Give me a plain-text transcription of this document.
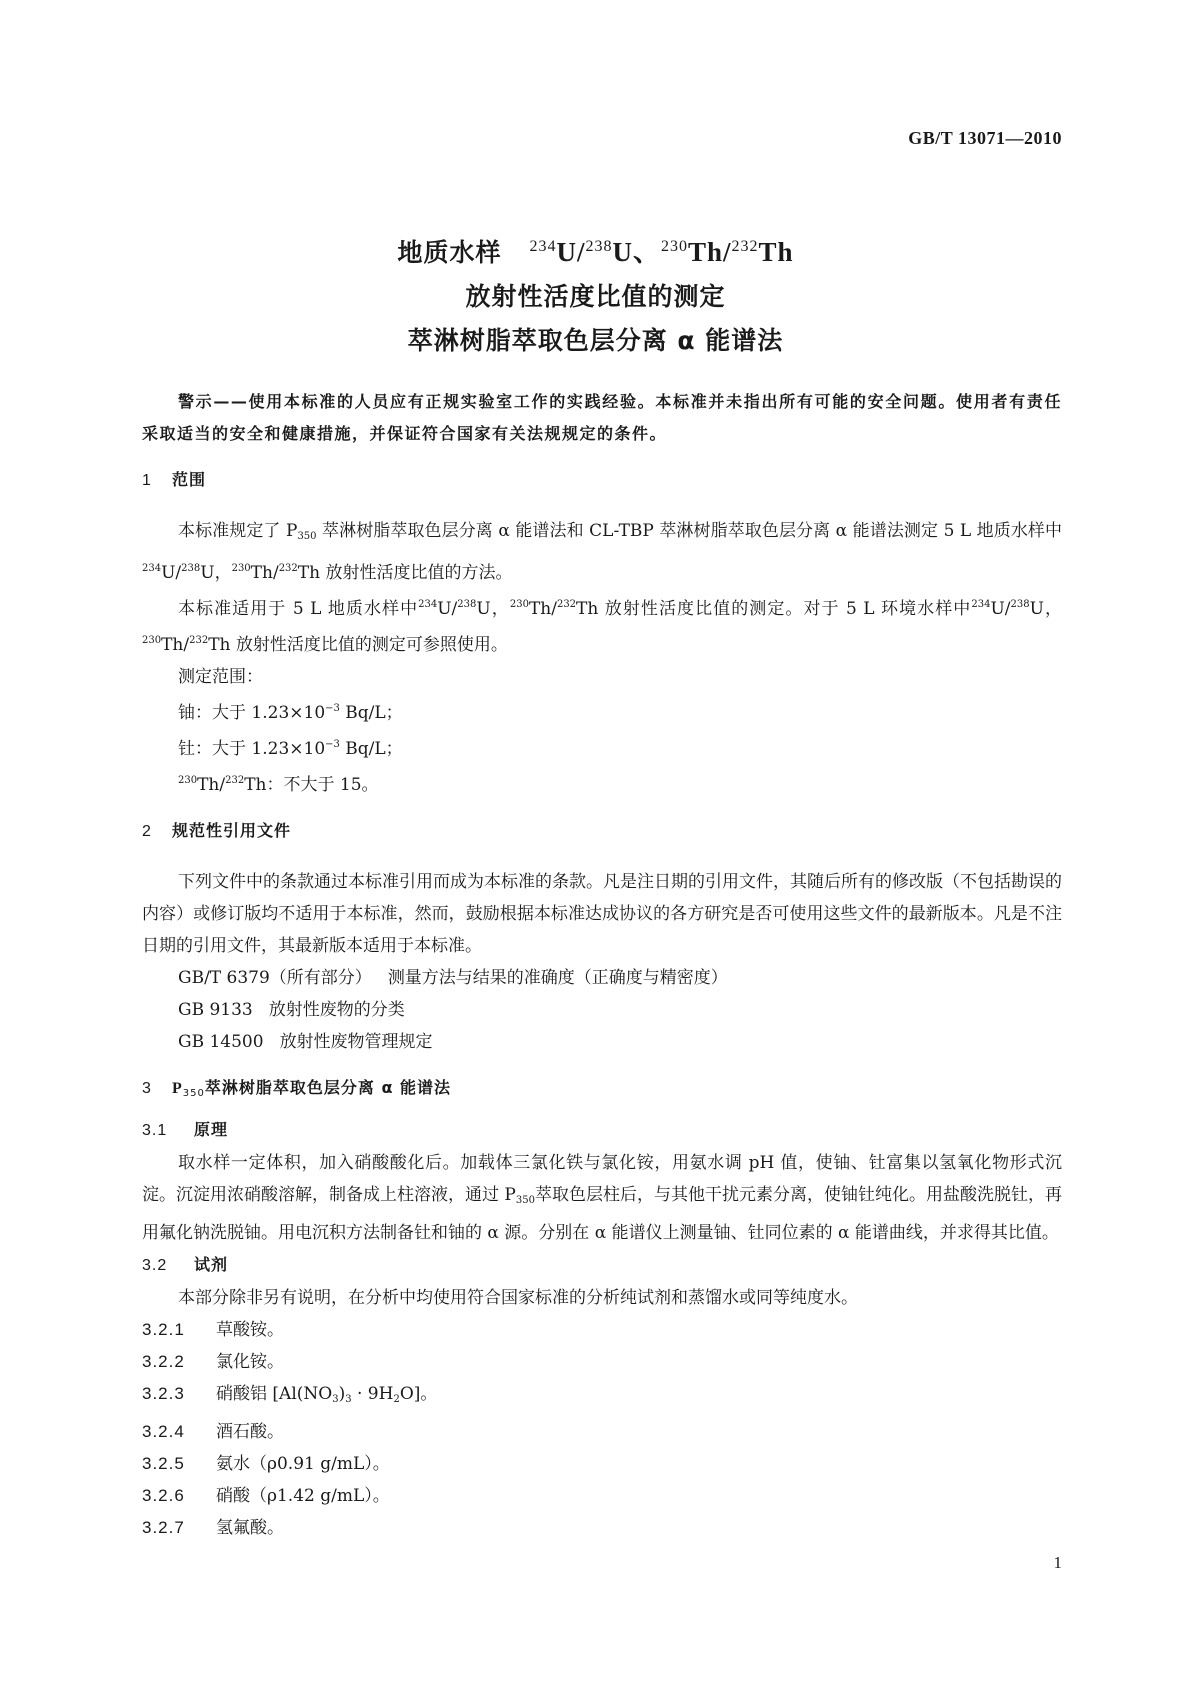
GB/T 13071—2010
地质水样 $^{234}$U/$^{238}$U、$^{230}$Th/$^{232}$Th
放射性活度比值的测定
萃淋树脂萃取色层分离 α 能谱法

警示——使用本标准的人员应有正规实验室工作的实践经验。本标准并未指出所有可能的安全问题。使用者有责任采取适当的安全和健康措施，并保证符合国家有关法规规定的条件。

1 范围

本标准规定了 $P_{350}$ 萃淋树脂萃取色层分离 α 能谱法和 CL-TBP 萃淋树脂萃取色层分离 α 能谱法测定 5 L 地质水样中$^{234}$U/$^{238}$U，$^{230}$Th/$^{232}$Th 放射性活度比值的方法。

本标准适用于 5 L 地质水样中$^{234}$U/$^{238}$U，$^{230}$Th/$^{232}$Th 放射性活度比值的测定。对于 5 L 环境水样中$^{234}$U/$^{238}$U，$^{230}$Th/$^{232}$Th 放射性活度比值的测定可参照使用。

测定范围：

铀：大于 $1.23\times 10^{-3}$ Bq/L；

钍：大于 $1.23\times 10^{-3}$ Bq/L；

$^{230}$Th/$^{232}$Th：不大于 15。

2 规范性引用文件

下列文件中的条款通过本标准引用而成为本标准的条款。凡是注日期的引用文件，其随后所有的修改版（不包括勘误的内容）或修订版均不适用于本标准，然而，鼓励根据本标准达成协议的各方研究是否可使用这些文件的最新版本。凡是不注日期的引用文件，其最新版本适用于本标准。

GB/T 6379（所有部分） 测量方法与结果的准确度（正确度与精密度）

GB 9133 放射性废物的分类

GB 14500 放射性废物管理规定

3 $P_{350}$萃淋树脂萃取色层分离 α 能谱法
3.1 原理

取水样一定体积，加入硝酸酸化后。加载体三氯化铁与氯化铵，用氨水调 pH 值，使铀、钍富集以氢氧化物形式沉淀。沉淀用浓硝酸溶解，制备成上柱溶液，通过 $P_{350}$萃取色层柱后，与其他干扰元素分离，使铀钍纯化。用盐酸洗脱钍，再用氟化钠洗脱铀。用电沉积方法制备钍和铀的 α 源。分别在 α 能谱仪上测量铀、钍同位素的 α 能谱曲线，并求得其比值。

3.2 试剂

本部分除非另有说明，在分析中均使用符合国家标准的分析纯试剂和蒸馏水或同等纯度水。

3.2.1 草酸铵。

3.2.2 氯化铵。

3.2.3 硝酸铝 $[Al(NO_3)_3 \cdot 9H_2O]$。

3.2.4 酒石酸。

3.2.5 氨水（ρ0.91 g/mL）。

3.2.6 硝酸（ρ1.42 g/mL）。

3.2.7 氢氟酸。

1
